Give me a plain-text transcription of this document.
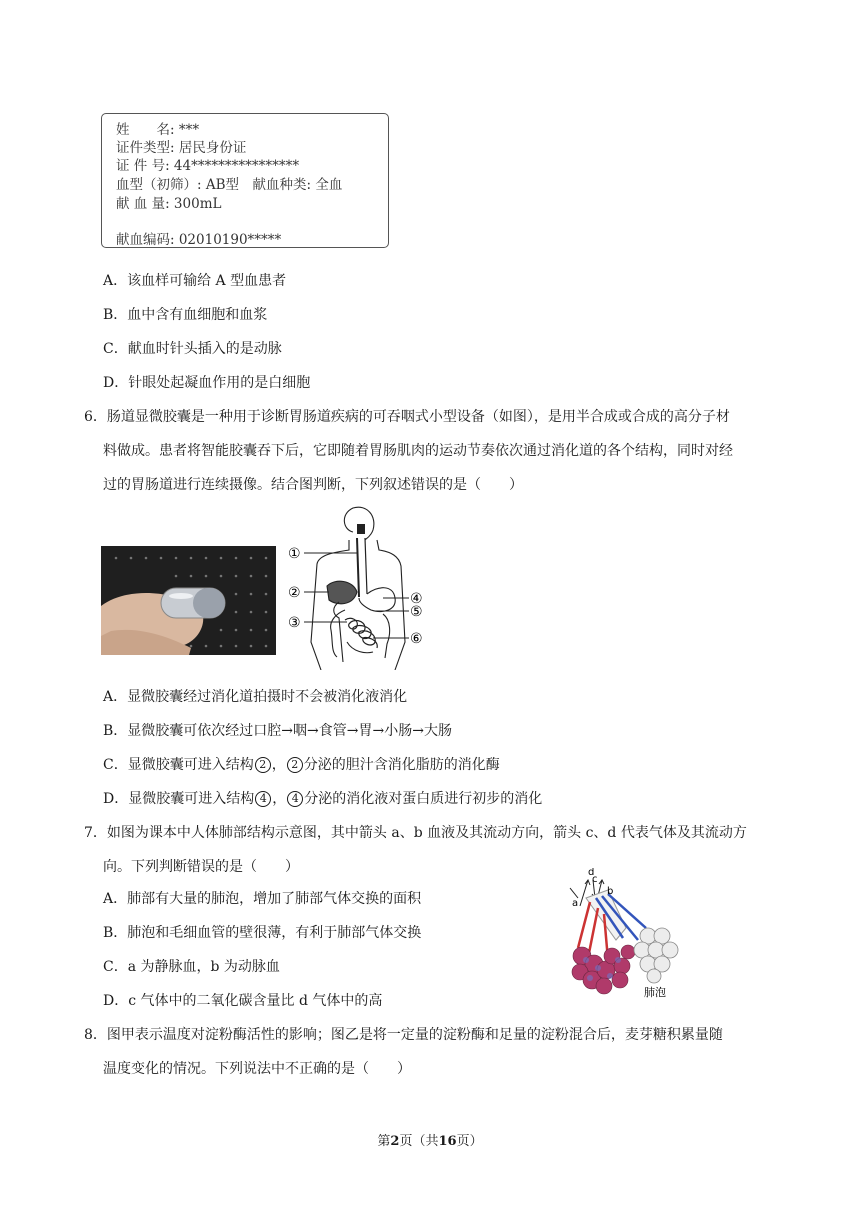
姓　　名: ***
证件类型: 居民身份证
证 件 号: 44****************
血型（初筛）: AB型　献血种类: 全血
献 血 量: 300mL
献血编码: 02010190*****
A．该血样可输给 A 型血患者
B．血中含有血细胞和血浆
C．献血时针头插入的是动脉
D．针眼处起凝血作用的是白细胞
6．肠道显微胶囊是一种用于诊断胃肠道疾病的可吞咽式小型设备（如图），是用半合成或合成的高分子材
料做成。患者将智能胶囊吞下后，它即随着胃肠肌肉的运动节奏依次通过消化道的各个结构，同时对经
过的胃肠道进行连续摄像。结合图判断，下列叙述错误的是（　　）
①
②
③
④
⑤
⑥
A．显微胶囊经过消化道拍摄时不会被消化液消化
B．显微胶囊可依次经过口腔→咽→食管→胃→小肠→大肠
C．显微胶囊可进入结构 2 ， 2 分泌的胆汁含消化脂肪的消化酶
D．显微胶囊可进入结构 4 ， 4 分泌的消化液对蛋白质进行初步的消化
7．如图为课本中人体肺部结构示意图，其中箭头 a、b 血液及其流动方向，箭头 c、d 代表气体及其流动方
向。下列判断错误的是（　　）
A．肺部有大量的肺泡，增加了肺部气体交换的面积
B．肺泡和毛细血管的壁很薄，有利于肺部气体交换
C．a 为静脉血，b 为动脉血
D．c 气体中的二氧化碳含量比 d 气体中的高
c
d
a
b
肺泡
8．图甲表示温度对淀粉酶活性的影响；图乙是将一定量的淀粉酶和足量的淀粉混合后，麦芽糖积累量随
温度变化的情况。下列说法中不正确的是（　　）
第2页（共16页）
